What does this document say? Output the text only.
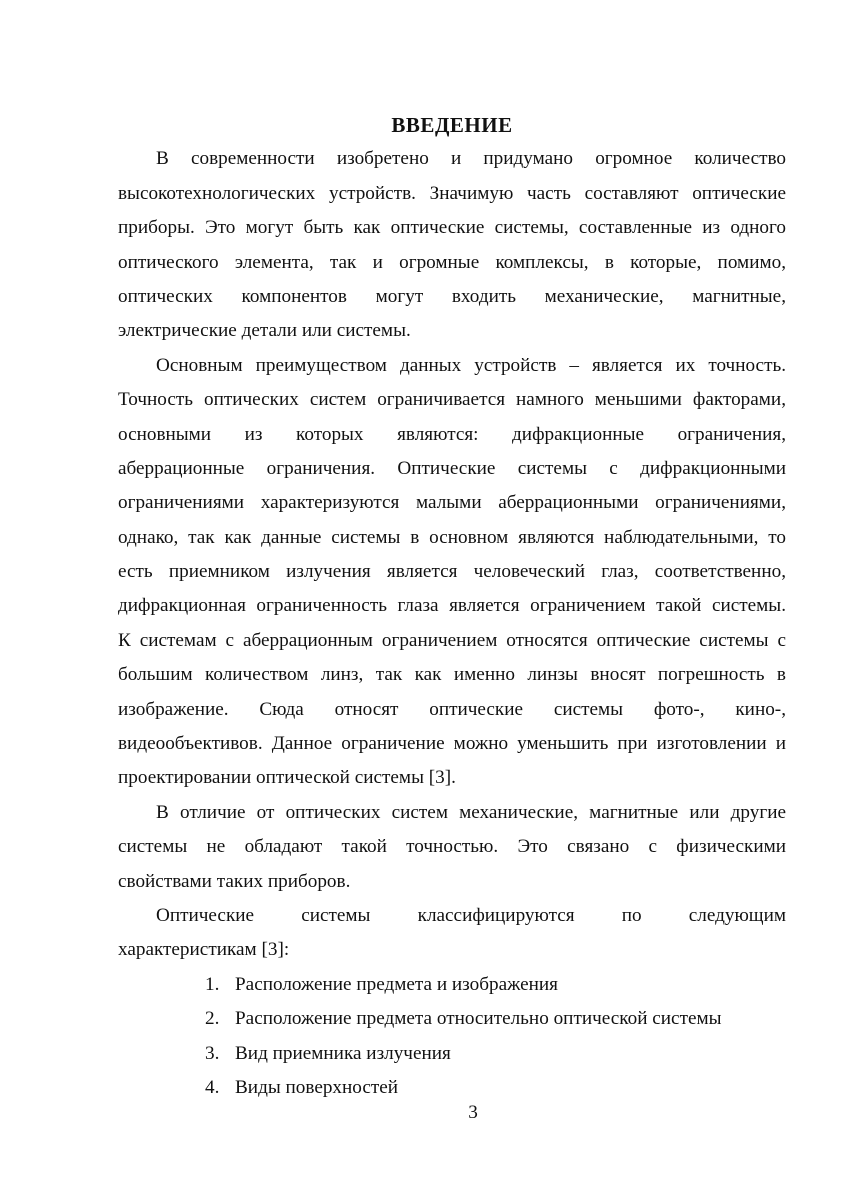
ВВЕДЕНИЕ
В современности изобретено и придумано огромное количество
высокотехнологических устройств. Значимую часть составляют оптические
приборы. Это могут быть как оптические системы, составленные из одного
оптического элемента, так и огромные комплексы, в которые, помимо,
оптических компонентов могут входить механические, магнитные,
электрические детали или системы.
Основным преимуществом данных устройств – является их точность.
Точность оптических систем ограничивается намного меньшими факторами,
основными из которых являются: дифракционные ограничения,
аберрационные ограничения. Оптические системы с дифракционными
ограничениями характеризуются малыми аберрационными ограничениями,
однако, так как данные системы в основном являются наблюдательными, то
есть приемником излучения является человеческий глаз, соответственно,
дифракционная ограниченность глаза является ограничением такой системы.
К системам с аберрационным ограничением относятся оптические системы с
большим количеством линз, так как именно линзы вносят погрешность в
изображение. Сюда относят оптические системы фото-, кино-,
видеообъективов. Данное ограничение можно уменьшить при изготовлении и
проектировании оптической системы [3].
В отличие от оптических систем механические, магнитные или другие
системы не обладают такой точностью. Это связано с физическими
свойствами таких приборов.
Оптические системы классифицируются по следующим
характеристикам [3]:
1. Расположение предмета и изображения
2. Расположение предмета относительно оптической системы
3. Вид приемника излучения
4. Виды поверхностей
3
